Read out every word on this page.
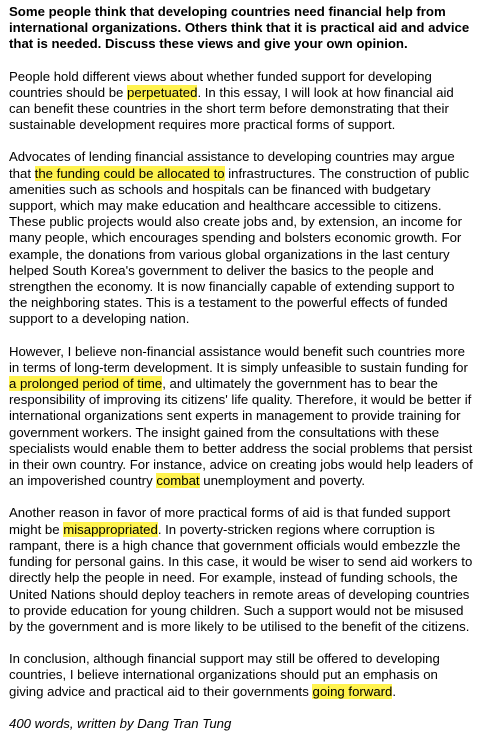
Some people think that developing countries need financial help from international organizations. Others think that it is practical aid and advice that is needed. Discuss these views and give your own opinion.

People hold different views about whether funded support for developing countries should be perpetuated. In this essay, I will look at how financial aid can benefit these countries in the short term before demonstrating that their sustainable development requires more practical forms of support.

Advocates of lending financial assistance to developing countries may argue that the funding could be allocated to infrastructures. The construction of public amenities such as schools and hospitals can be financed with budgetary support, which may make education and healthcare accessible to citizens. These public projects would also create jobs and, by extension, an income for many people, which encourages spending and bolsters economic growth. For example, the donations from various global organizations in the last century helped South Korea's government to deliver the basics to the people and strengthen the economy. It is now financially capable of extending support to the neighboring states. This is a testament to the powerful effects of funded support to a developing nation.

However, I believe non-financial assistance would benefit such countries more in terms of long-term development. It is simply unfeasible to sustain funding for a prolonged period of time, and ultimately the government has to bear the responsibility of improving its citizens' life quality. Therefore, it would be better if international organizations sent experts in management to provide training for government workers. The insight gained from the consultations with these specialists would enable them to better address the social problems that persist in their own country. For instance, advice on creating jobs would help leaders of an impoverished country combat unemployment and poverty.

Another reason in favor of more practical forms of aid is that funded support might be misappropriated. In poverty-stricken regions where corruption is rampant, there is a high chance that government officials would embezzle the funding for personal gains. In this case, it would be wiser to send aid workers to directly help the people in need. For example, instead of funding schools, the United Nations should deploy teachers in remote areas of developing countries to provide education for young children. Such a support would not be misused by the government and is more likely to be utilised to the benefit of the citizens.

In conclusion, although financial support may still be offered to developing countries, I believe international organizations should put an emphasis on giving advice and practical aid to their governments going forward.

400 words, written by Dang Tran Tung
